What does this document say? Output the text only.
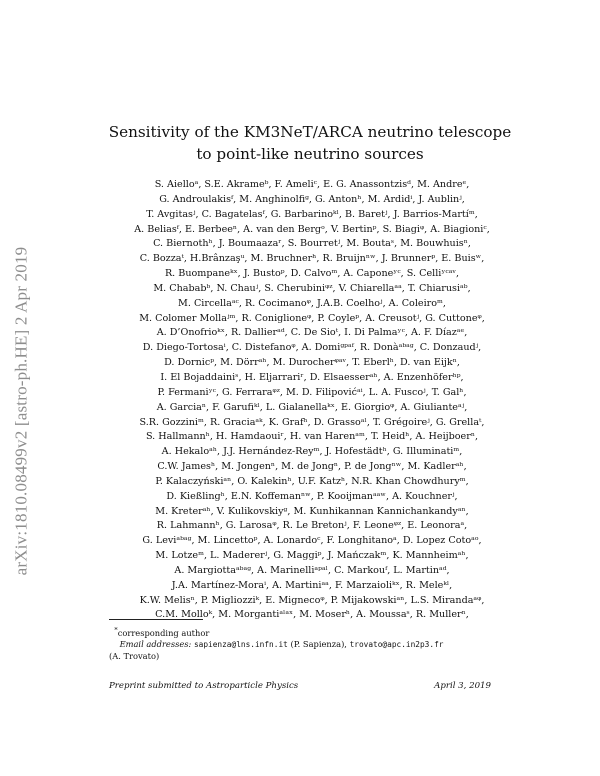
arXiv:1810.08499v2 [astro-ph.HE] 2 Apr 2019
Sensitivity of the KM3NeT/ARCA neutrino telescope
to point-like neutrino sources
S. Aielloᵃ, S.E. Akrameᵇ, F. Ameliᶜ, E. G. Anassontzisᵈ, M. Andreᵉ,
G. Androulakisᶠ, M. Anghinolfiᵍ, G. Antonʰ, M. Ardidⁱ, J. Aublinʲ,
T. Avgitasʲ, C. Bagatelasᶠ, G. Barbarinoᵏˡ, B. Baretʲ, J. Barrios-Martíᵐ,
A. Beliasᶠ, E. Berbeeⁿ, A. van den Bergᵒ, V. Bertinᵖ, S. Biagiᵠ, A. Biagioniᶜ,
C. Biernothʰ, J. Boumaazaʳ, S. Bourretʲ, M. Boutaˢ, M. Bouwhuisⁿ,
C. Bozzaᵗ, H.Brânzaşᵘ, M. Bruchnerʰ, R. Bruijnⁿʷ, J. Brunnerᵖ, E. Buisʷ,
R. Buompaneᵏˣ, J. Bustoᵖ, D. Calvoᵐ, A. Caponeʸᶜ, S. Celliʸᶜᵃᵛ,
M. Chababᵇ, N. Chauʲ, S. Cherubiniᵠᶻ, V. Chiarellaᵃᵃ, T. Chiarusiᵃᵇ,
M. Circellaᵃᶜ, R. Cocimanoᵠ, J.A.B. Coelhoʲ, A. Coleiroᵐ,
M. Colomer Mollaʲᵐ, R. Coniglioneᵠ, P. Coyleᵖ, A. Creusotʲ, G. Cuttoneᵠ,
A. D’Onofrioᵏˣ, R. Dallierᵃᵈ, C. De Sioᵗ, I. Di Palmaʸᶜ, A. F. Díazᵃᵉ,
D. Diego-Tortosaⁱ, C. Distefanoᵠ, A. Domiᵍᵖᵃᶠ, R. Donàᵃᵇᵃᵍ, C. Donzaudʲ,
D. Dornicᵖ, M. Dörrᵃʰ, M. Durocherᵠᵃᵛ, T. Eberlʰ, D. van Eijkⁿ,
I. El Bojaddainiˢ, H. Eljarrariʳ, D. Elsaesserᵃʰ, A. Enzenhöferʰᵖ,
P. Fermaniʸᶜ, G. Ferraraᵠᶻ, M. D. Filipovićᵃⁱ, L. A. Fuscoʲ, T. Galʰ,
A. Garciaⁿ, F. Garufiᵏˡ, L. Gialanellaᵏˣ, E. Giorgioᵠ, A. Giulianteᵃʲ,
S.R. Gozziniᵐ, R. Graciaᵃᵏ, K. Grafʰ, D. Grassoᵃˡ, T. Grégoireʲ, G. Grellaᵗ,
S. Hallmannʰ, H. Hamdaouiʳ, H. van Harenᵃᵐ, T. Heidʰ, A. Heijboerⁿ,
A. Hekaloᵃʰ, J.J. Hernández-Reyᵐ, J. Hofestädtʰ, G. Illuminatiᵐ,
C.W. Jamesʰ, M. Jongenⁿ, M. de Jongⁿ, P. de Jongⁿʷ, M. Kadlerᵃʰ,
P. Kalaczyńskiᵃⁿ, O. Kalekinʰ, U.F. Katzʰ, N.R. Khan Chowdhuryᵐ,
D. Kießlingʰ, E.N. Koffemanⁿʷ, P. Kooijmanᵃᵃʷ, A. Kouchnerʲ,
M. Kreterᵃʰ, V. Kulikovskiyᵍ, M. Kunhikannan Kannichankandyᵃⁿ,
R. Lahmannʰ, G. Larosaᵠ, R. Le Bretonʲ, F. Leoneᵠᶻ, E. Leonoraᵃ,
G. Leviᵃᵇᵃᵍ, M. Lincettoᵖ, A. Lonardoᶜ, F. Longhitanoᵃ, D. Lopez Cotoᵃᵒ,
M. Lotzeᵐ, L. Madererʲ, G. Maggiᵖ, J. Mańczakᵐ, K. Mannheimᵃʰ,
A. Margiottaᵃᵇᵃᵍ, A. Marinelliᵃᵖᵃˡ, C. Markouᶠ, L. Martinᵃᵈ,
J.A. Martínez-Moraⁱ, A. Martiniᵃᵃ, F. Marzaioliᵏˣ, R. Meleᵏˡ,
K.W. Melisⁿ, P. Migliozziᵏ, E. Mignecoᵠ, P. Mijakowskiᵃⁿ, L.S. Mirandaᵃᵠ,
C.M. Molloᵏ, M. Morgantiᵃˡᵃˣ, M. Moserʰ, A. Moussaˢ, R. Mullerⁿ,
*corresponding author
Email addresses: sapienza@lns.infn.it (P. Sapienza), trovato@apc.in2p3.fr
(A. Trovato)
Preprint submitted to Astroparticle Physics	April 3, 2019
